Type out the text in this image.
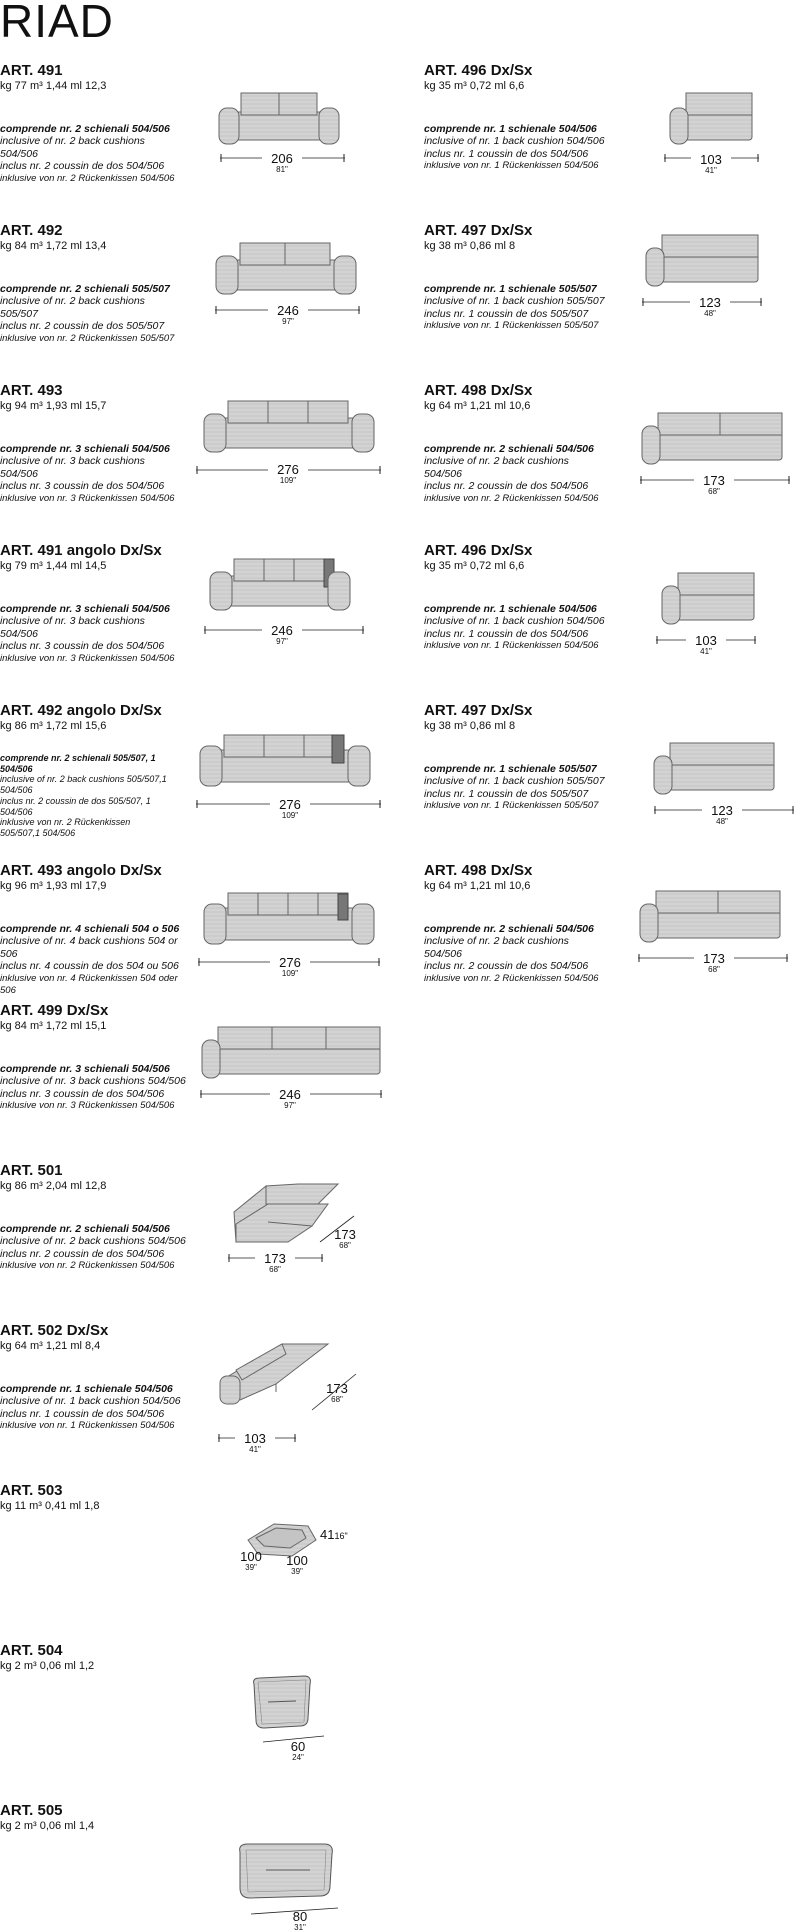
RIAD
ART. 491
kg 77 m³ 1,44 ml 12,3
comprende nr. 2 schienali 504/506
inclusive of nr. 2 back cushions
504/506
inclus nr. 2 coussin de dos 504/506
inklusive von nr. 2 Rückenkissen 504/506
206
81"
ART. 496 Dx/Sx
kg 35 m³ 0,72 ml 6,6
comprende nr. 1 schienale 504/506
inclusive of nr. 1 back cushion 504/506
inclus nr. 1 coussin de dos 504/506
inklusive von nr. 1 Rückenkissen 504/506	103
41"
ART. 492
kg 84 m³ 1,72 ml 13,4
comprende nr. 2 schienali 505/507
inclusive of nr. 2 back cushions
505/507
inclus nr. 2 coussin de dos 505/507
inklusive von nr. 2 Rückenkissen 505/507
246
97"
ART. 497 Dx/Sx
kg 38 m³ 0,86 ml 8
comprende nr. 1 schienale 505/507
inclusive of nr. 1 back cushion 505/507
inclus nr. 1 coussin de dos 505/507
inklusive von nr. 1 Rückenkissen 505/507
123
48"
ART. 493
kg 94 m³ 1,93 ml 15,7
comprende nr. 3 schienali 504/506
inclusive of nr. 3 back cushions
504/506
inclus nr. 3 coussin de dos 504/506
inklusive von nr. 3 Rückenkissen 504/506
276
109"
ART. 498 Dx/Sx
kg 64 m³ 1,21 ml 10,6
comprende nr. 2 schienali 504/506
inclusive of nr. 2 back cushions
504/506
inclus nr. 2 coussin de dos 504/506
inklusive von nr. 2 Rückenkissen 504/506
173
68"
ART. 491 angolo Dx/Sx
kg 79 m³ 1,44 ml 14,5
comprende nr. 3 schienali 504/506
inclusive of nr. 3 back cushions
504/506
inclus nr. 3 coussin de dos 504/506
inklusive von nr. 3 Rückenkissen 504/506
246
97"
ART. 496 Dx/Sx
kg 35 m³ 0,72 ml 6,6
comprende nr. 1 schienale 504/506
inclusive of nr. 1 back cushion 504/506
inclus nr. 1 coussin de dos 504/506
inklusive von nr. 1 Rückenkissen 504/506	103
41"
ART. 492 angolo Dx/Sx
kg 86 m³ 1,72 ml 15,6
comprende nr. 2 schienali 505/507, 1 504/506
inclusive of nr. 2 back cushions 505/507,1 504/506
inclus nr. 2 coussin de dos 505/507, 1 504/506
inklusive von nr. 2 Rückenkissen 505/507,1 504/506
276
109"
ART. 497 Dx/Sx
kg 38 m³ 0,86 ml 8
comprende nr. 1 schienale 505/507
inclusive of nr. 1 back cushion 505/507
inclus nr. 1 coussin de dos 505/507
inklusive von nr. 1 Rückenkissen 505/507	123
48"
ART. 493 angolo Dx/Sx
kg 96 m³ 1,93 ml 17,9
comprende nr. 4 schienali 504 o 506
inclusive of nr. 4 back cushions 504 or 506
inclus nr. 4 coussin de dos 504 ou 506
inklusive von nr. 4 Rückenkissen 504 oder 506
276
109"
ART. 498 Dx/Sx
kg 64 m³ 1,21 ml 10,6
comprende nr. 2 schienali 504/506
inclusive of nr. 2 back cushions
504/506
inclus nr. 2 coussin de dos 504/506
inklusive von nr. 2 Rückenkissen 504/506
173
68"
ART. 499 Dx/Sx
kg 84 m³ 1,72 ml 15,1
comprende nr. 3 schienali 504/506
inclusive of nr. 3 back cushions 504/506
inclus nr. 3 coussin de dos 504/506
inklusive von nr. 3 Rückenkissen 504/506
246
97"
ART. 501
kg 86 m³ 2,04 ml 12,8
comprende nr. 2 schienali 504/506
inclusive of nr. 2 back cushions 504/506
inclus nr. 2 coussin de dos 504/506
inklusive von nr. 2 Rückenkissen 504/506	173
68"
173
68"
ART. 502 Dx/Sx
kg 64 m³ 1,21 ml 8,4
comprende nr. 1 schienale 504/506
inclusive of nr. 1 back cushion 504/506
inclus nr. 1 coussin de dos 504/506
inklusive von nr. 1 Rückenkissen 504/506
103
41"
173
68"
ART. 503
kg 11 m³ 0,41 ml 1,8
4116"
100
39"	100
39"
ART. 504
kg 2 m³ 0,06 ml 1,2
60
24"
ART. 505
kg 2 m³ 0,06 ml 1,4
80
31"
